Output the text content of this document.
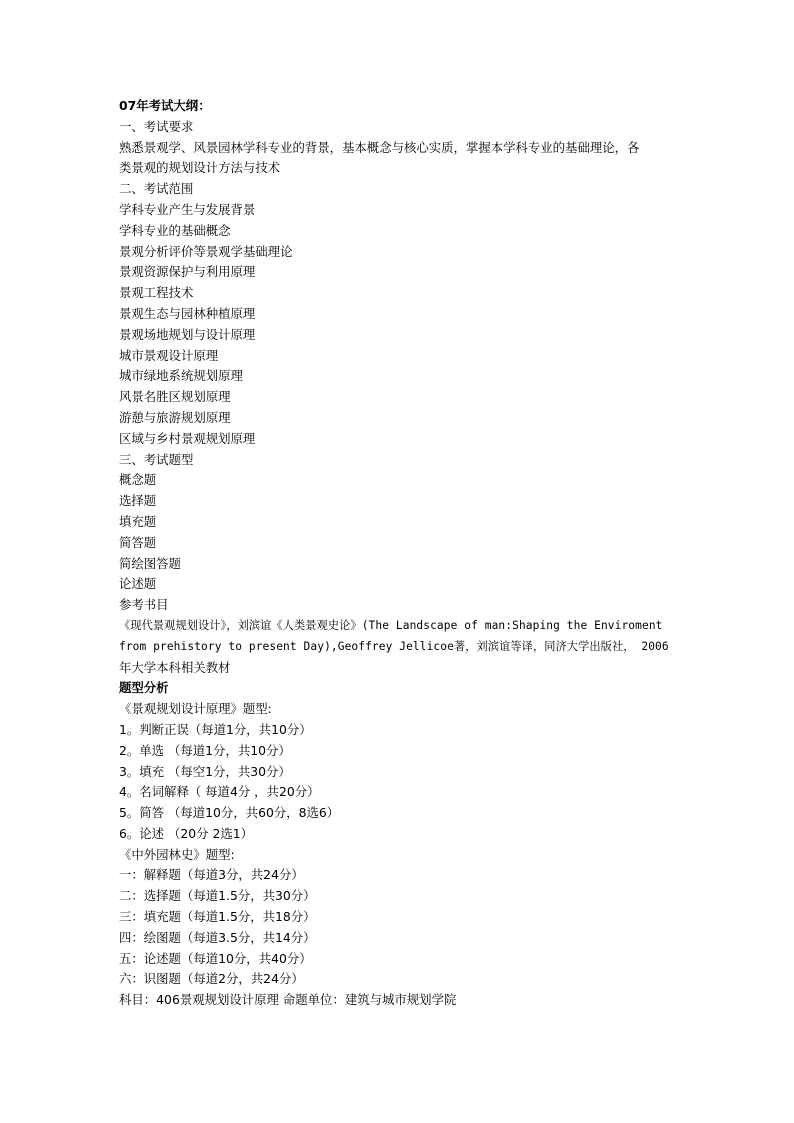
07年考试大纲：
一、考试要求
熟悉景观学、风景园林学科专业的背景，基本概念与核心实质，掌握本学科专业的基础理论，各
类景观的规划设计方法与技术
二、考试范围
学科专业产生与发展背景
学科专业的基础概念
景观分析评价等景观学基础理论
景观资源保护与利用原理
景观工程技术
景观生态与园林种植原理
景观场地规划与设计原理
城市景观设计原理
城市绿地系统规划原理
风景名胜区规划原理
游憩与旅游规划原理
区域与乡村景观规划原理
三、考试题型
概念题
选择题
填充题
简答题
简绘图答题
论述题
参考书目
《现代景观规划设计》，刘滨谊《人类景观史论》(The Landscape of man:Shaping the Enviroment
from prehistory to present Day),Geoffrey Jellicoe著，刘滨谊等译，同济大学出版社， 2006
年大学本科相关教材
题型分析
《景观规划设计原理》题型:
1。判断正误（每道1分，共10分）
2。单选 （每道1分，共10分）
3。填充 （每空1分，共30分）
4。名词解释（ 每道4分 ，共20分）
5。简答 （每道10分，共60分，8选6）
6。论述 （20分 2选1）
《中外园林史》题型:
一：解释题（每道3分，共24分）
二：选择题（每道1.5分，共30分）
三：填充题（每道1.5分，共18分）
四：绘图题（每道3.5分，共14分）
五：论述题（每道10分，共40分）
六：识图题（每道2分，共24分）
科目：406景观规划设计原理 命题单位：建筑与城市规划学院
